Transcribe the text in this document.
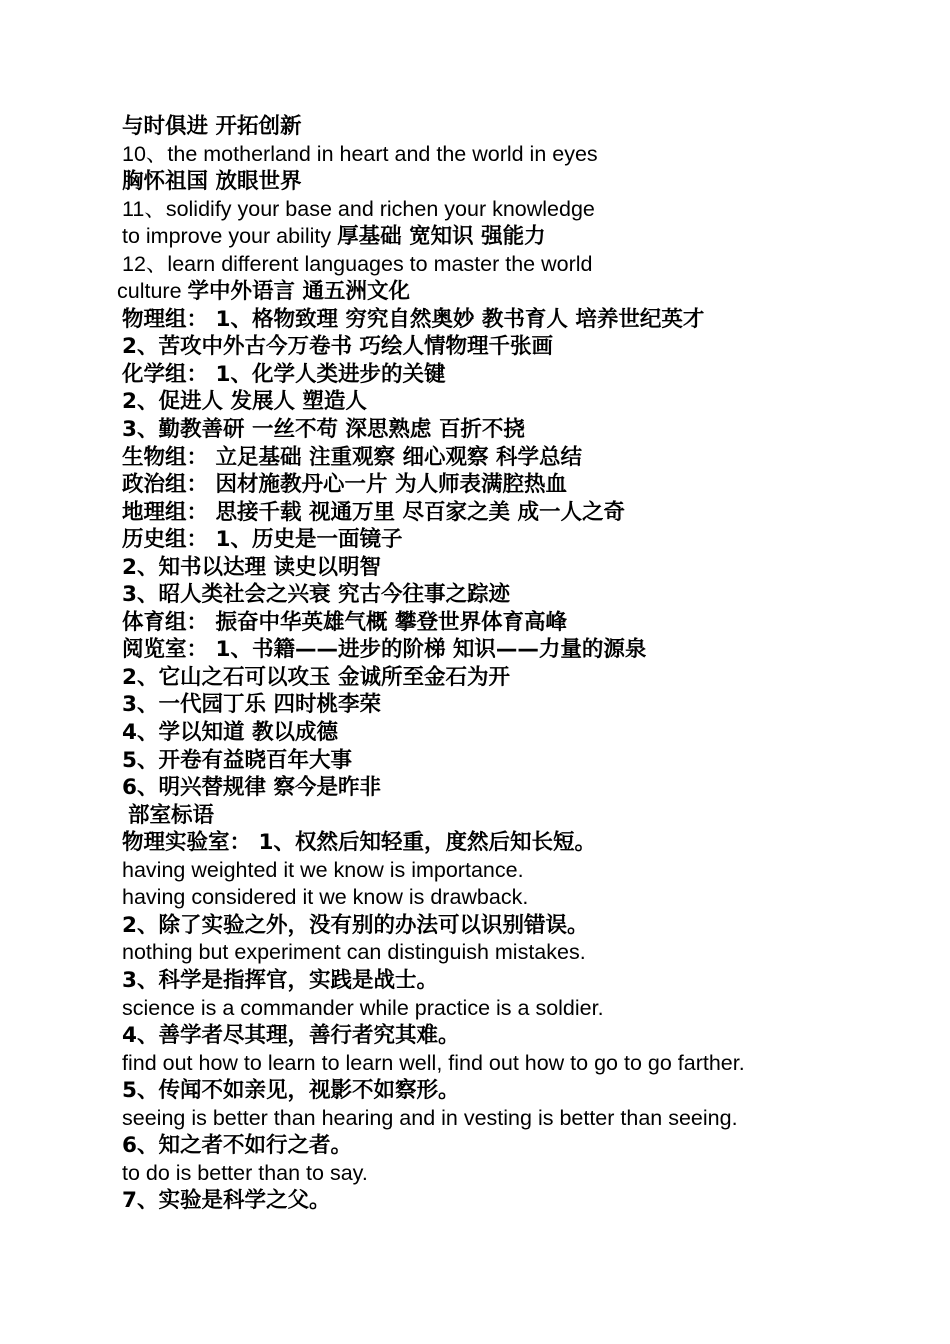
与时俱进 开拓创新
10、the motherland in heart and the world in eyes
胸怀祖国 放眼世界
11、solidify your base and richen your knowledge
to improve your ability 厚基础 宽知识 强能力
12、learn different languages to master the world
culture 学中外语言 通五洲文化
物理组： 1、格物致理 穷究自然奥妙 教书育人 培养世纪英才
2、苦攻中外古今万卷书 巧绘人情物理千张画
化学组： 1、化学人类进步的关键
2、促进人 发展人 塑造人
3、勤教善研 一丝不苟 深思熟虑 百折不挠
生物组： 立足基础 注重观察 细心观察 科学总结
政治组： 因材施教丹心一片 为人师表满腔热血
地理组： 思接千载 视通万里 尽百家之美 成一人之奇
历史组： 1、历史是一面镜子
2、知书以达理 读史以明智
3、昭人类社会之兴衰 究古今往事之踪迹
体育组： 振奋中华英雄气概 攀登世界体育高峰
阅览室： 1、书籍——进步的阶梯 知识——力量的源泉
2、它山之石可以攻玉 金诚所至金石为开
3、一代园丁乐 四时桃李荣
4、学以知道 教以成德
5、开卷有益晓百年大事
6、明兴替规律 察今是昨非
部室标语
物理实验室： 1、权然后知轻重，度然后知长短。
having weighted it we know is importance.
having considered it we know is drawback.
2、除了实验之外，没有别的办法可以识别错误。
nothing but experiment can distinguish mistakes.
3、科学是指挥官，实践是战士。
science is a commander while practice is a soldier.
4、善学者尽其理，善行者究其难。
find out how to learn to learn well, find out how to go to go farther.
5、传闻不如亲见，视影不如察形。
seeing is better than hearing and in vesting is better than seeing.
6、知之者不如行之者。
to do is better than to say.
7、实验是科学之父。
